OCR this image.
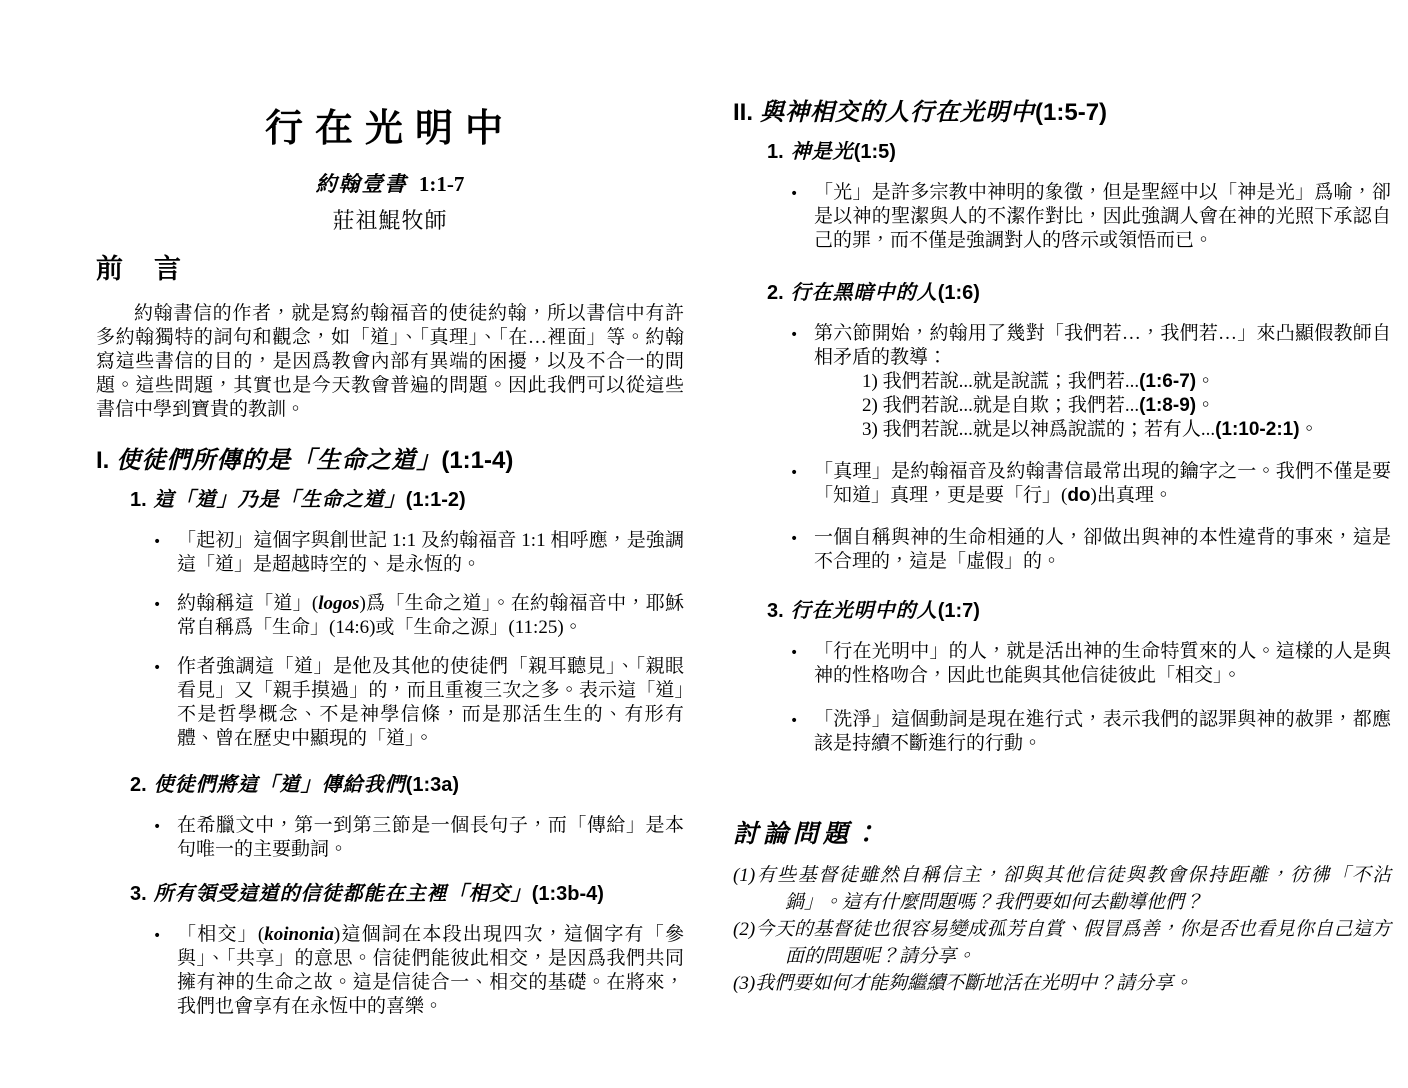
行在光明中
約翰壹書 1:1-7
莊祖鯤牧師
前　言

約翰書信的作者，就是寫約翰福音的使徒約翰，所以書信中有許多約翰獨特的詞句和觀念，如「道」、「真理」、「在…裡面」等。約翰寫這些書信的目的，是因爲教會內部有異端的困擾，以及不合一的問題。這些問題，其實也是今天教會普遍的問題。因此我們可以從這些書信中學到寶貴的教訓。

I. 使徒們所傳的是「生命之道」(1:1-4)
1. 這「道」乃是「生命之道」(1:1-2)
• 「起初」這個字與創世記 1:1 及約翰福音 1:1 相呼應，是強調這「道」是超越時空的、是永恆的。
• 約翰稱這「道」(logos)爲「生命之道」。在約翰福音中，耶穌常自稱爲「生命」(14:6)或「生命之源」(11:25)。
• 作者強調這「道」是他及其他的使徒們「親耳聽見」、「親眼看見」又「親手摸過」的，而且重複三次之多。表示這「道」不是哲學概念、不是神學信條，而是那活生生的、有形有體、曾在歷史中顯現的「道」。
2. 使徒們將這「道」傳給我們(1:3a)
• 在希臘文中，第一到第三節是一個長句子，而「傳給」是本句唯一的主要動詞。
3. 所有領受這道的信徒都能在主裡「相交」(1:3b-4)
• 「相交」(koinonia)這個詞在本段出現四次，這個字有「參與」、「共享」的意思。信徒們能彼此相交，是因爲我們共同擁有神的生命之故。這是信徒合一、相交的基礎。在將來，我們也會享有在永恆中的喜樂。
II. 與神相交的人行在光明中(1:5-7)
1. 神是光(1:5)
• 「光」是許多宗教中神明的象徵，但是聖經中以「神是光」爲喻，卻是以神的聖潔與人的不潔作對比，因此強調人會在神的光照下承認自己的罪，而不僅是強調對人的啓示或領悟而已。
2. 行在黑暗中的人(1:6)
• 第六節開始，約翰用了幾對「我們若…，我們若…」來凸顯假教師自相矛盾的教導：
1) 我們若說...就是說謊；我們若...(1:6-7)。
2) 我們若說...就是自欺；我們若...(1:8-9)。
3) 我們若說...就是以神爲說謊的；若有人...(1:10-2:1)。
• 「真理」是約翰福音及約翰書信最常出現的鑰字之一。我們不僅是要「知道」真理，更是要「行」(do)出真理。
• 一個自稱與神的生命相通的人，卻做出與神的本性違背的事來，這是不合理的，這是「虛假」的。
3. 行在光明中的人(1:7)
• 「行在光明中」的人，就是活出神的生命特質來的人。這樣的人是與神的性格吻合，因此也能與其他信徒彼此「相交」。
• 「洗淨」這個動詞是現在進行式，表示我們的認罪與神的赦罪，都應該是持續不斷進行的行動。
討論問題：
(1)有些基督徒雖然自稱信主，卻與其他信徒與教會保持距離，彷彿「不沾鍋」。這有什麼問題嗎？我們要如何去勸導他們？
(2)今天的基督徒也很容易變成孤芳自賞、假冒爲善，你是否也看見你自己這方面的問題呢？請分享。
(3)我們要如何才能夠繼續不斷地活在光明中？請分享。
